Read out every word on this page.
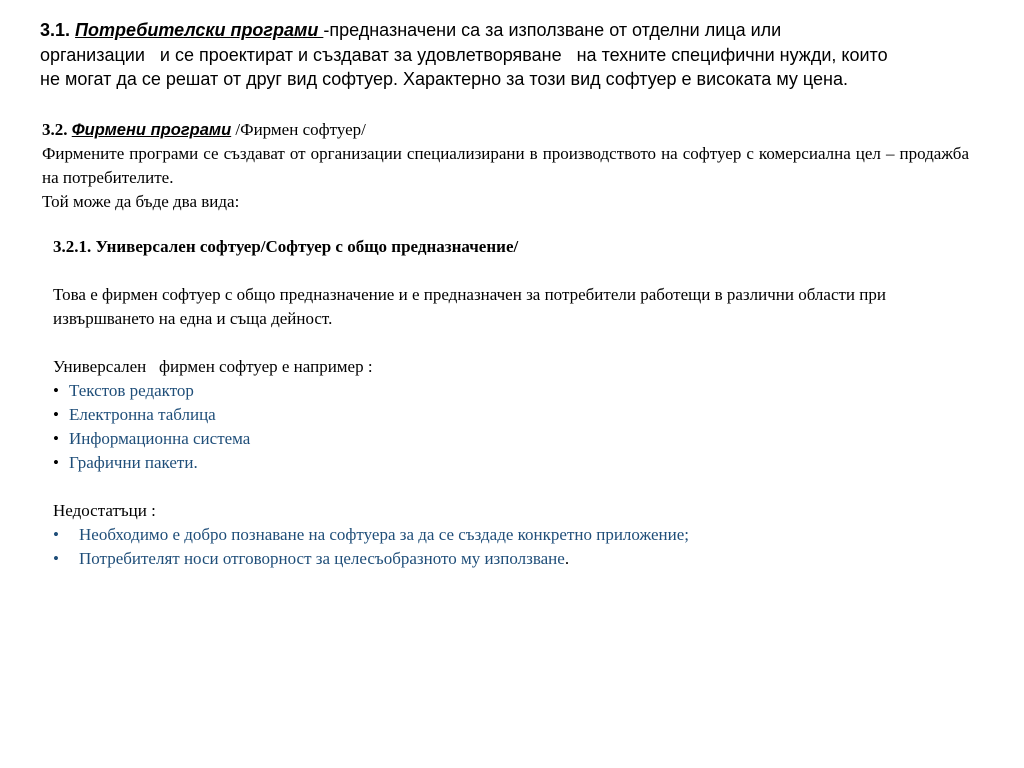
3.1. Потребителски програми -предназначени са за използване от отделни лица или
организации   и се проектират и създават за удовлетворяване   на техните специфични нужди, които
не могат да се решат от друг вид софтуер. Характерно за този вид софтуер е високата му цена.
3.2. Фирмени програми /Фирмен софтуер/

Фирмените програми се създават от организации специализирани в производството на софтуер с комерсиална цел – продажба на потребителите.

Той може да бъде два вида:

3.2.1. Универсален софтуер/Софтуер с общо предназначение/

Това е фирмен софтуер с общо предназначение и е предназначен за потребители работещи в различни области при извършването на една и съща дейност.

Универсален   фирмен софтуер е например :

• Текстов редактор
• Електронна таблица
• Информационна система
• Графични пакети.

Недостатъци :

• Необходимо е добро познаване на софтуера за да се създаде конкретно приложение;
• Потребителят носи отговорност за целесъобразното му използване.
